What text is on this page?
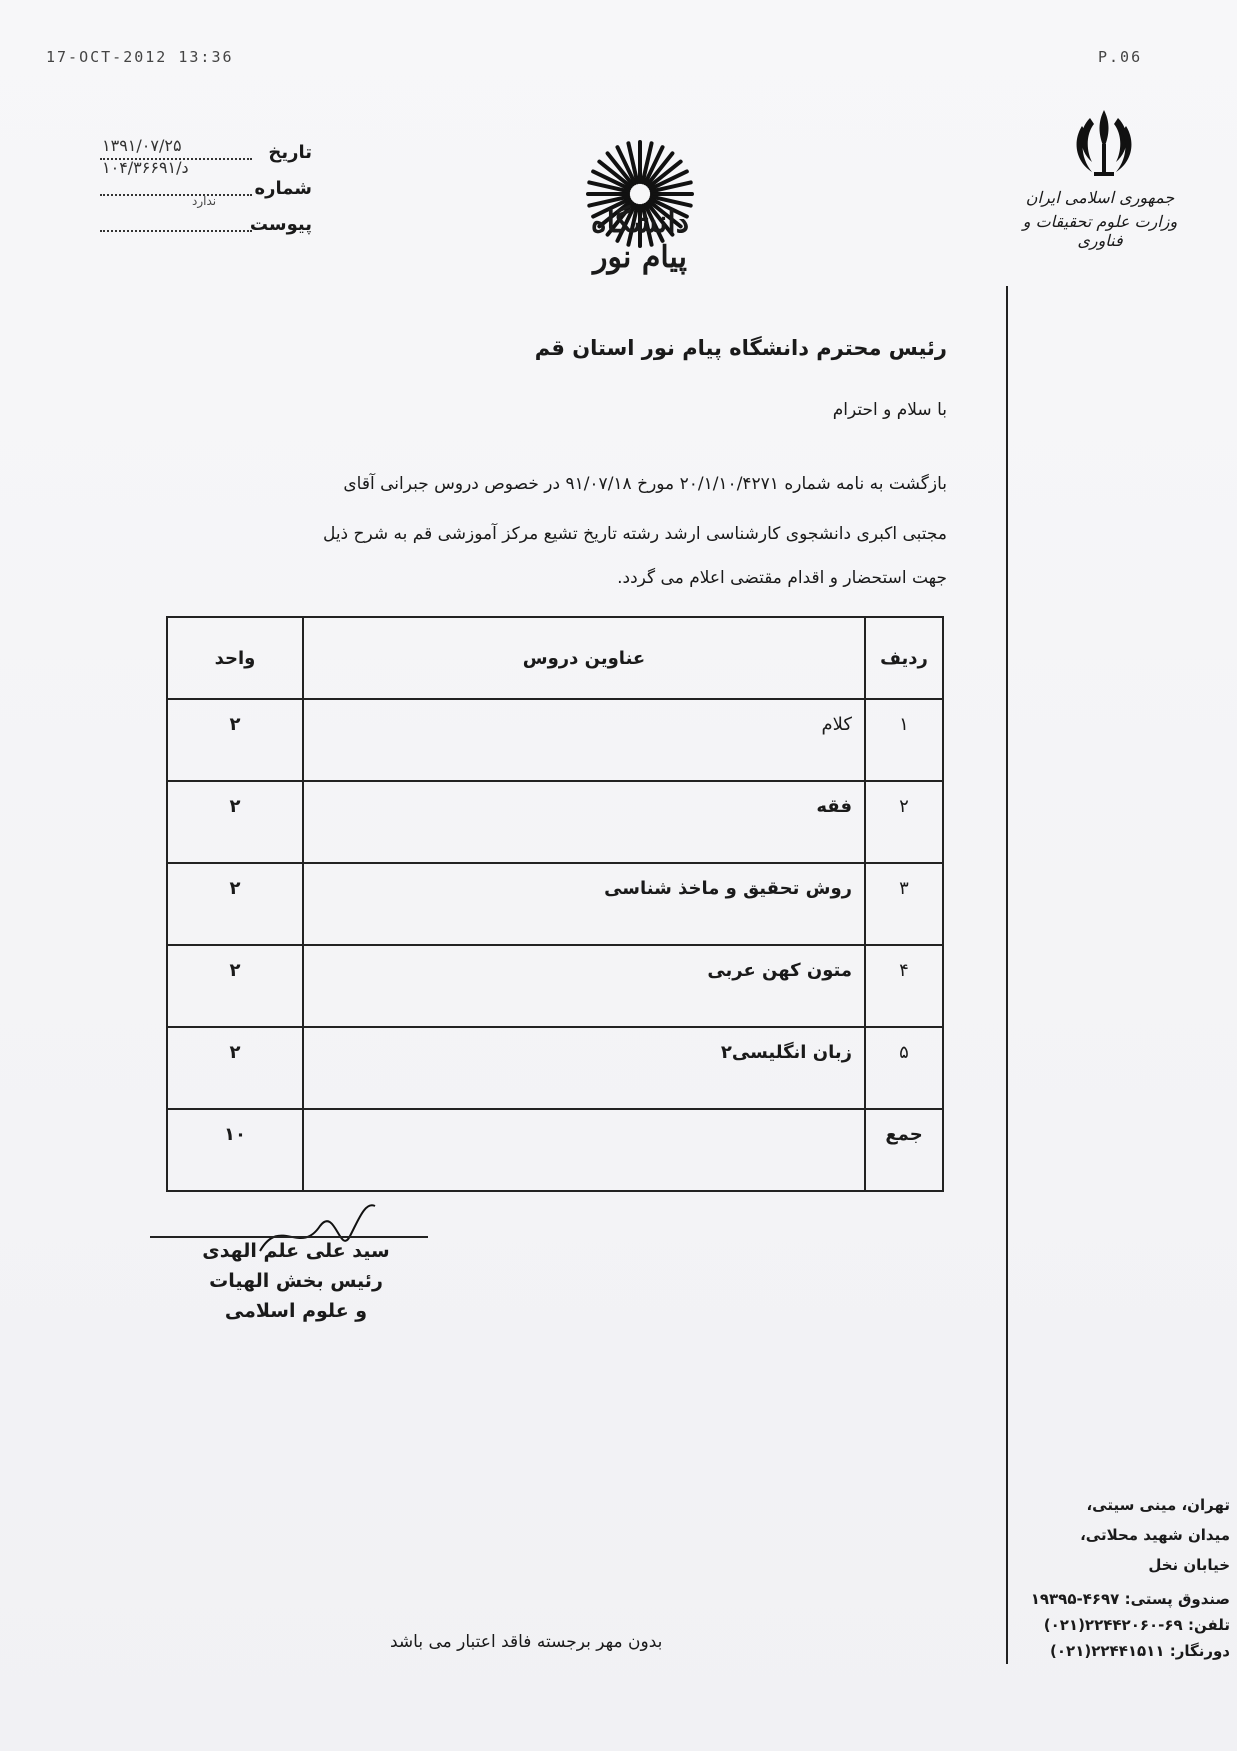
17-OCT-2012 13:36	P.06
تاریخ
۱۳۹۱/۰۷/۲۵
شماره
د/۱۰۴/۳۶۶۹۱
ندارد
پیوست	دانشگاه پیام نور
جمهوری اسلامی ایران
وزارت علوم تحقیقات و فناوری
رئیس محترم دانشگاه پیام نور استان قم
با سلام و احترام
بازگشت به نامه شماره ۲۰/۱/۱۰/۴۲۷۱ مورخ ۹۱/۰۷/۱۸ در خصوص دروس جبرانی آقای
مجتبی اکبری دانشجوی کارشناسی ارشد رشته تاریخ تشیع مرکز آموزشی قم به شرح ذیل
جهت استحضار و اقدام مقتضی اعلام می گردد.
ردیف	عناوین دروس	واحد
۱	کلام	۲
۲	فقه	۲
۳	روش تحقیق و ماخذ شناسی	۲
۴	متون کهن عربی	۲
۵	زبان انگلیسی۲	۲
جمع		۱۰
سید علی علم الهدی
رئیس بخش الهیات
و علوم اسلامی
بدون مهر برجسته فاقد اعتبار می باشد
تهران، مینی سیتی،
میدان شهید محلاتی،
خیابان نخل
صندوق پستی: ۴۶۹۷-۱۹۳۹۵
تلفن: ۶۹-۲۲۴۴۲۰۶۰(۰۲۱)
دورنگار: ۲۲۴۴۱۵۱۱(۰۲۱)
